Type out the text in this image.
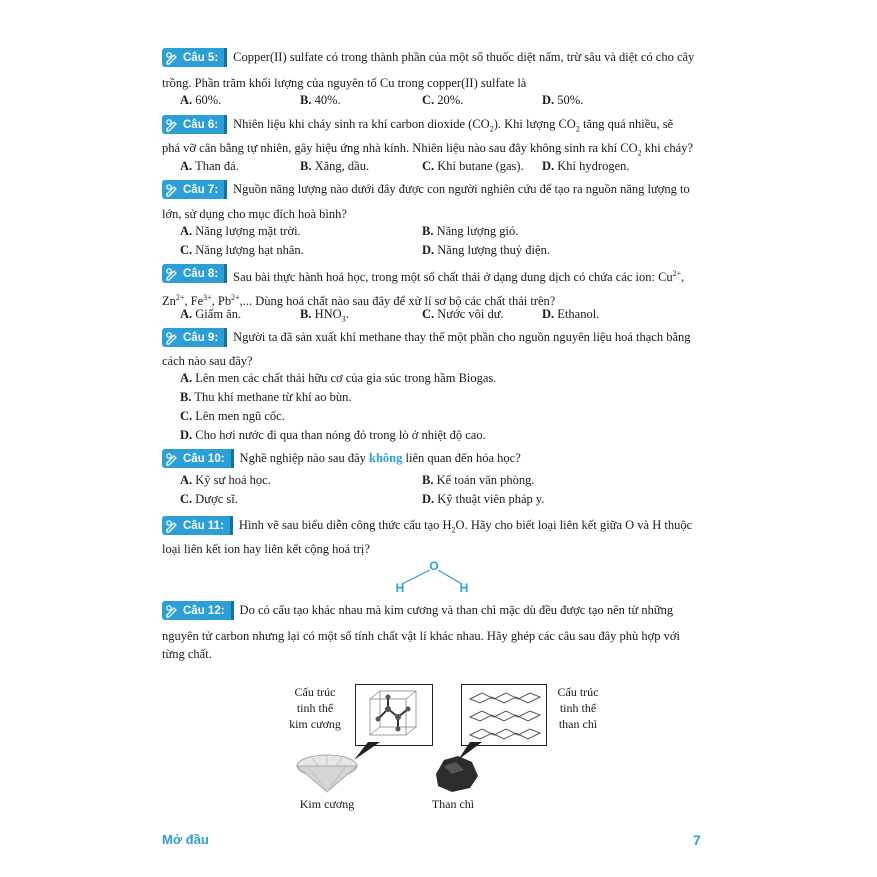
Câu 5: Copper(II) sulfate có trong thành phần của một số thuốc diệt nấm, trừ sâu và diệt có cho cây
trồng. Phần trăm khối lượng của nguyên tố Cu trong copper(II) sulfate là
A. 60%.	B. 40%.	C. 20%.	D. 50%.
Câu 6: Nhiên liệu khi cháy sinh ra khí carbon dioxide $(CO_2)$. Khi lượng $CO_2$ tăng quá nhiều, sẽ
phá vỡ cân bằng tự nhiên, gây hiệu ứng nhà kính. Nhiên liệu nào sau đây không sinh ra khí $CO_2$ khi cháy?
A. Than đá.	B. Xăng, dầu.	C. Khí butane (gas). D. Khí hydrogen.
Câu 7: Nguồn năng lượng nào dưới đây được con người nghiên cứu để tạo ra nguồn năng lượng to
lớn, sử dụng cho mục đích hoà bình?
A. Năng lượng mặt trời.	B. Năng lượng gió.
C. Năng lượng hạt nhân.	D. Năng lượng thuỷ điện.
Câu 8: Sau bài thực hành hoá học, trong một số chất thải ở dạng dung dịch có chứa các ion: $Cu^{2+}$,
$Zn^{2+}$, $Fe^{3+}$, $Pb^{2+}$,... Dùng hoá chất nào sau đây để xử lí sơ bộ các chất thải trên?
A. Giấm ăn.	B. $HNO_3$.	C. Nước vôi dư.	D. Ethanol.
Câu 9: Người ta đã sản xuất khí methane thay thế một phần cho nguồn nguyên liệu hoá thạch bằng
cách nào sau đây?
A. Lên men các chất thải hữu cơ của gia súc trong hầm Biogas.
B. Thu khí methane từ khí ao bùn.
C. Lên men ngũ cốc.
D. Cho hơi nước đi qua than nóng đỏ trong lò ở nhiệt độ cao.
Câu 10: Nghề nghiệp nào sau đây không liên quan đến hóa học?
A. Kỹ sư hoá học.	B. Kế toán văn phòng.
C. Dược sĩ.	D. Kỹ thuật viên pháp y.
Câu 11: Hình vẽ sau biểu diễn công thức cấu tạo $H_2O$. Hãy cho biết loại liên kết giữa O và H thuộc
loại liên kết ion hay liên kết cộng hoá trị?
O
H	H
Câu 12: Do có cấu tạo khác nhau mà kim cương và than chì mặc dù đều được tạo nên từ những
nguyên tử carbon nhưng lại có một số tính chất vật lí khác nhau. Hãy ghép các câu sau đây phù hợp với
từng chất.
Cấu trúc
tinh thể
kim cương
Cấu trúc
tinh thể
than chì
Kim cương	Than chì
Mở đầu	7
